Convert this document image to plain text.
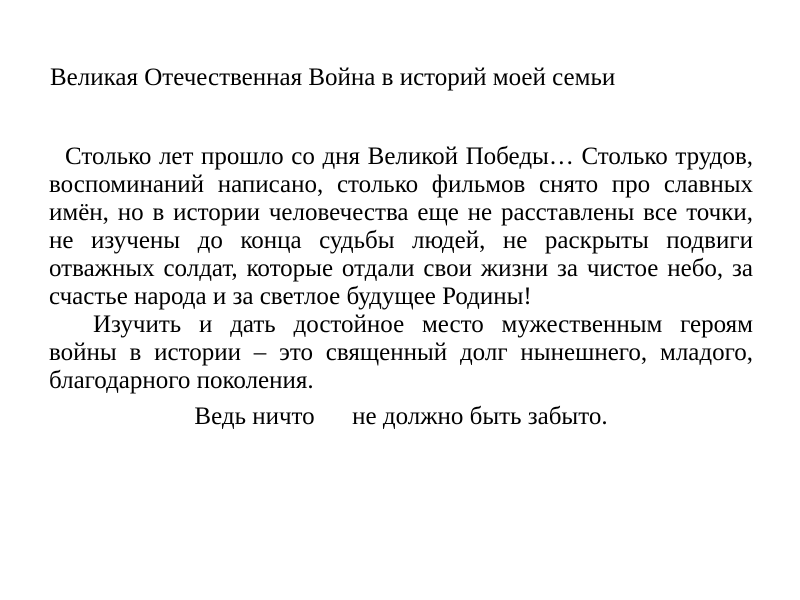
Великая Отечественная Война в историй моей семьи

Столько лет прошло со дня Великой Победы… Столько трудов, воспоминаний написано, столько фильмов снято про славных имён, но в истории человечества еще не расставлены все точки, не изучены до конца судьбы людей, не раскрыты подвиги отважных солдат, которые отдали свои жизни за чистое небо, за счастье народа и за светлое будущее Родины!

Изучить и дать достойное место мужественным героям войны в истории – это священный долг нынешнего, младого, благодарного поколения.

Ведь ничто      не должно быть забыто.
